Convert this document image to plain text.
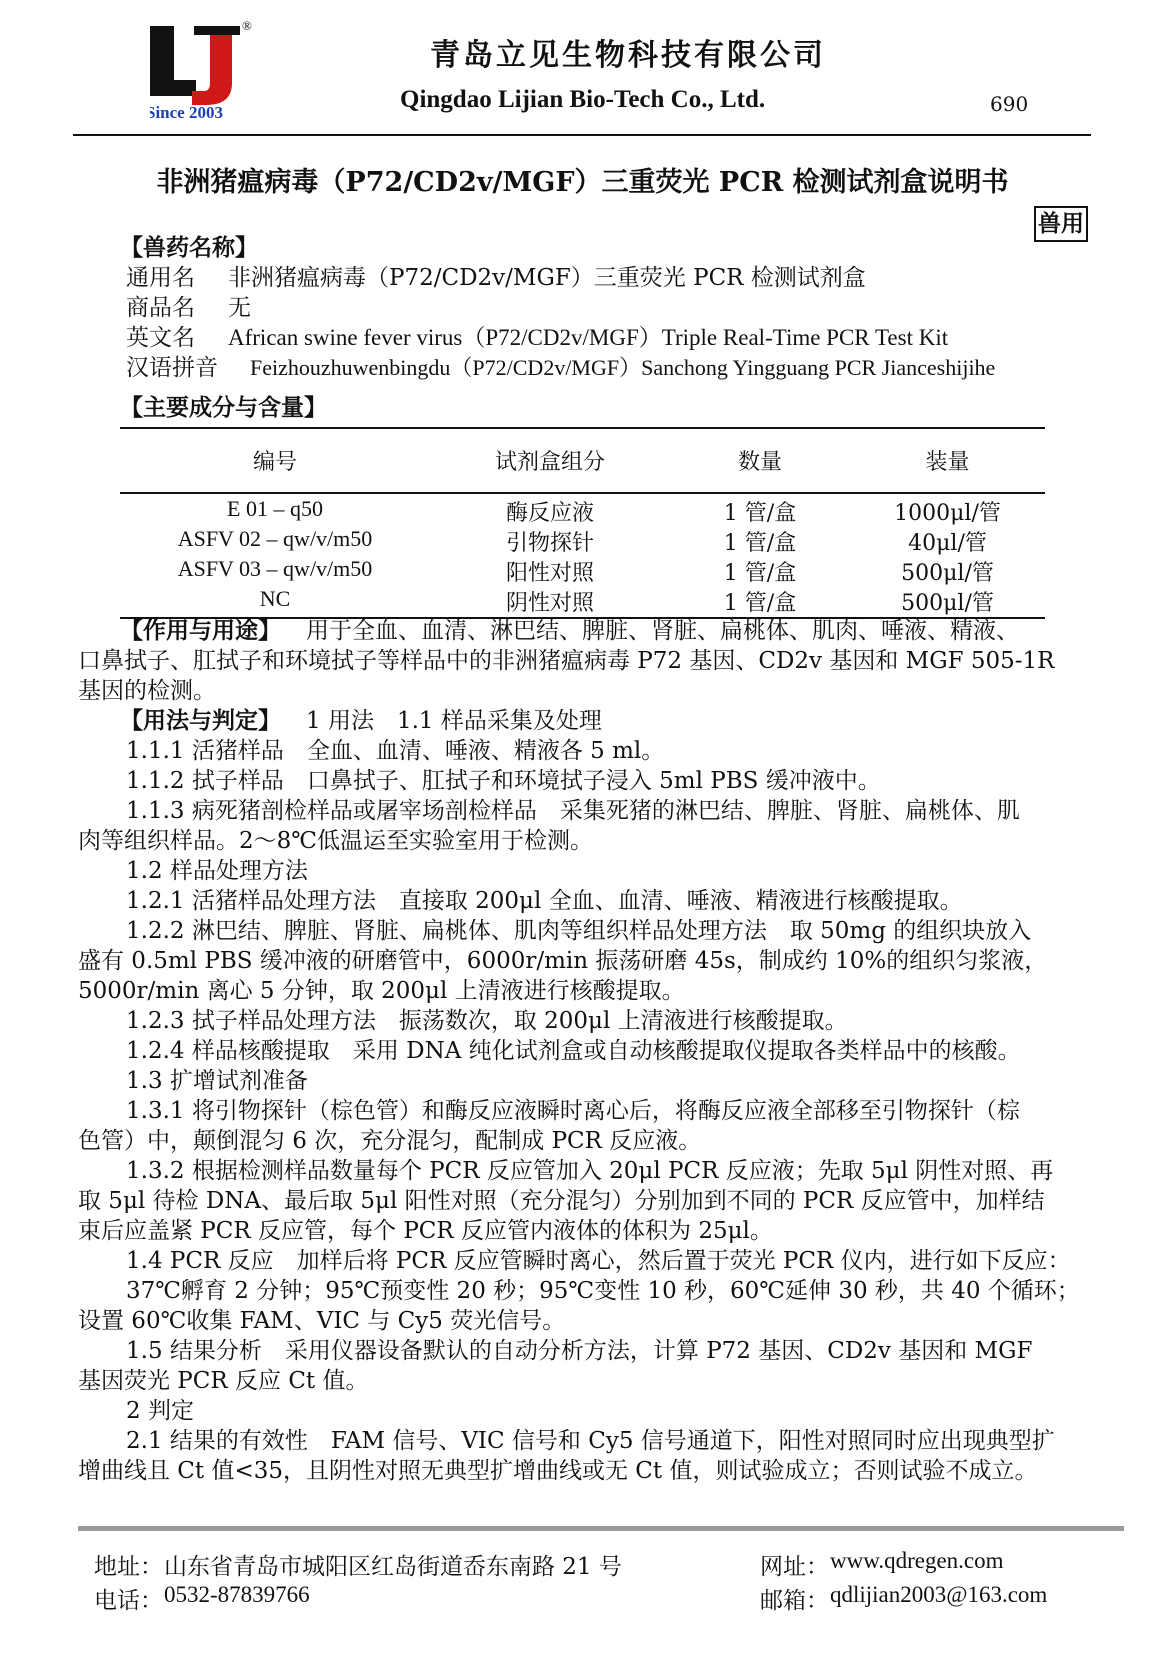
®
Since 2003
青岛立见生物科技有限公司
Qingdao Lijian Bio-Tech Co., Ltd.	690
非洲猪瘟病毒（P72/CD2v/MGF）三重荧光 PCR 检测试剂盒说明书
兽用
【兽药名称】
通用名 非洲猪瘟病毒（P72/CD2v/MGF）三重荧光 PCR 检测试剂盒
商品名 无
英文名 African swine fever virus（P72/CD2v/MGF）Triple Real-Time PCR Test Kit
汉语拼音 Feizhouzhuwenbingdu（P72/CD2v/MGF）Sanchong Yingguang PCR Jianceshijihe
【主要成分与含量】
编号	试剂盒组分	数量	装量
E 01 – q50	酶反应液	1 管/盒	1000μl/管
ASFV 02 – qw/v/m50	引物探针	1 管/盒	40μl/管
ASFV 03 – qw/v/m50	阳性对照	1 管/盒	500μl/管
NC	阴性对照	1 管/盒	500μl/管
【作用与用途】 用于全血、血清、淋巴结、脾脏、肾脏、扁桃体、肌肉、唾液、精液、
口鼻拭子、肛拭子和环境拭子等样品中的非洲猪瘟病毒 P72 基因、CD2v 基因和 MGF 505-1R
基因的检测。
【用法与判定】 1 用法　1.1 样品采集及处理
1.1.1 活猪样品　全血、血清、唾液、精液各 5 ml。
1.1.2 拭子样品　口鼻拭子、肛拭子和环境拭子浸入 5ml PBS 缓冲液中。
1.1.3 病死猪剖检样品或屠宰场剖检样品　采集死猪的淋巴结、脾脏、肾脏、扁桃体、肌
肉等组织样品。2～8℃低温运至实验室用于检测。
1.2 样品处理方法
1.2.1 活猪样品处理方法　直接取 200μl 全血、血清、唾液、精液进行核酸提取。
1.2.2 淋巴结、脾脏、肾脏、扁桃体、肌肉等组织样品处理方法　取 50mg 的组织块放入
盛有 0.5ml PBS 缓冲液的研磨管中，6000r/min 振荡研磨 45s，制成约 10%的组织匀浆液，
5000r/min 离心 5 分钟，取 200μl 上清液进行核酸提取。
1.2.3 拭子样品处理方法　振荡数次，取 200μl 上清液进行核酸提取。
1.2.4 样品核酸提取　采用 DNA 纯化试剂盒或自动核酸提取仪提取各类样品中的核酸。
1.3 扩增试剂准备
1.3.1 将引物探针（棕色管）和酶反应液瞬时离心后，将酶反应液全部移至引物探针（棕
色管）中，颠倒混匀 6 次，充分混匀，配制成 PCR 反应液。
1.3.2 根据检测样品数量每个 PCR 反应管加入 20μl PCR 反应液；先取 5μl 阴性对照、再
取 5μl 待检 DNA、最后取 5μl 阳性对照（充分混匀）分别加到不同的 PCR 反应管中，加样结
束后应盖紧 PCR 反应管，每个 PCR 反应管内液体的体积为 25μl。
1.4 PCR 反应　加样后将 PCR 反应管瞬时离心，然后置于荧光 PCR 仪内，进行如下反应：
37℃孵育 2 分钟；95℃预变性 20 秒；95℃变性 10 秒，60℃延伸 30 秒，共 40 个循环；
设置 60℃收集 FAM、VIC 与 Cy5 荧光信号。
1.5 结果分析　采用仪器设备默认的自动分析方法，计算 P72 基因、CD2v 基因和 MGF
基因荧光 PCR 反应 Ct 值。
2 判定
2.1 结果的有效性　FAM 信号、VIC 信号和 Cy5 信号通道下，阳性对照同时应出现典型扩
增曲线且 Ct 值<35，且阴性对照无典型扩增曲线或无 Ct 值，则试验成立；否则试验不成立。
地址： 山东省青岛市城阳区红岛街道岙东南路 21 号	网址： www.qdregen.com
电话： 0532-87839766	邮箱： qdlijian2003@163.com
